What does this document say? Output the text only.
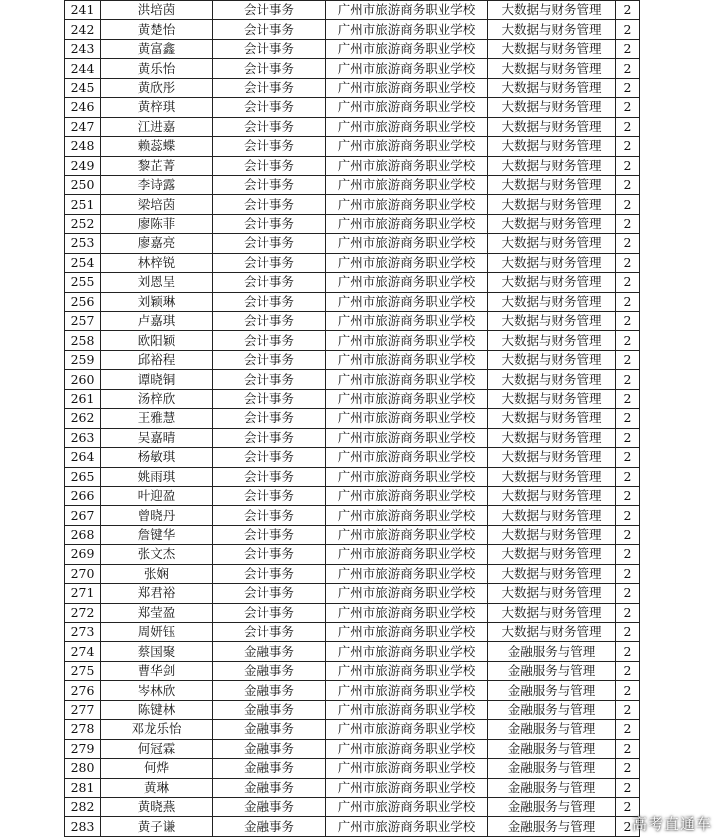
241	洪培茵	会计事务	广州市旅游商务职业学校	大数据与财务管理	2
242	黄楚怡	会计事务	广州市旅游商务职业学校	大数据与财务管理	2
243	黄富鑫	会计事务	广州市旅游商务职业学校	大数据与财务管理	2
244	黄乐怡	会计事务	广州市旅游商务职业学校	大数据与财务管理	2
245	黄欣彤	会计事务	广州市旅游商务职业学校	大数据与财务管理	2
246	黄梓琪	会计事务	广州市旅游商务职业学校	大数据与财务管理	2
247	江进嘉	会计事务	广州市旅游商务职业学校	大数据与财务管理	2
248	赖蕊蝶	会计事务	广州市旅游商务职业学校	大数据与财务管理	2
249	黎芷菁	会计事务	广州市旅游商务职业学校	大数据与财务管理	2
250	李诗露	会计事务	广州市旅游商务职业学校	大数据与财务管理	2
251	梁培茵	会计事务	广州市旅游商务职业学校	大数据与财务管理	2
252	廖陈菲	会计事务	广州市旅游商务职业学校	大数据与财务管理	2
253	廖嘉亮	会计事务	广州市旅游商务职业学校	大数据与财务管理	2
254	林梓锐	会计事务	广州市旅游商务职业学校	大数据与财务管理	2
255	刘恩呈	会计事务	广州市旅游商务职业学校	大数据与财务管理	2
256	刘颖琳	会计事务	广州市旅游商务职业学校	大数据与财务管理	2
257	卢嘉琪	会计事务	广州市旅游商务职业学校	大数据与财务管理	2
258	欧阳颖	会计事务	广州市旅游商务职业学校	大数据与财务管理	2
259	邱裕程	会计事务	广州市旅游商务职业学校	大数据与财务管理	2
260	谭晓铜	会计事务	广州市旅游商务职业学校	大数据与财务管理	2
261	汤梓欣	会计事务	广州市旅游商务职业学校	大数据与财务管理	2
262	王雅慧	会计事务	广州市旅游商务职业学校	大数据与财务管理	2
263	吴嘉晴	会计事务	广州市旅游商务职业学校	大数据与财务管理	2
264	杨敏琪	会计事务	广州市旅游商务职业学校	大数据与财务管理	2
265	姚雨琪	会计事务	广州市旅游商务职业学校	大数据与财务管理	2
266	叶迎盈	会计事务	广州市旅游商务职业学校	大数据与财务管理	2
267	曾晓丹	会计事务	广州市旅游商务职业学校	大数据与财务管理	2
268	詹键华	会计事务	广州市旅游商务职业学校	大数据与财务管理	2
269	张文杰	会计事务	广州市旅游商务职业学校	大数据与财务管理	2
270	张娴	会计事务	广州市旅游商务职业学校	大数据与财务管理	2
271	郑君裕	会计事务	广州市旅游商务职业学校	大数据与财务管理	2
272	郑莹盈	会计事务	广州市旅游商务职业学校	大数据与财务管理	2
273	周妍钰	会计事务	广州市旅游商务职业学校	大数据与财务管理	2
274	蔡国聚	金融事务	广州市旅游商务职业学校	金融服务与管理	2
275	曹华剑	金融事务	广州市旅游商务职业学校	金融服务与管理	2
276	岑林欣	金融事务	广州市旅游商务职业学校	金融服务与管理	2
277	陈键林	金融事务	广州市旅游商务职业学校	金融服务与管理	2
278	邓龙乐怡	金融事务	广州市旅游商务职业学校	金融服务与管理	2
279	何冠霖	金融事务	广州市旅游商务职业学校	金融服务与管理	2
280	何烨	金融事务	广州市旅游商务职业学校	金融服务与管理	2
281	黄琳	金融事务	广州市旅游商务职业学校	金融服务与管理	2
282	黄晓燕	金融事务	广州市旅游商务职业学校	金融服务与管理	2
283	黄子谦	金融事务	广州市旅游商务职业学校	金融服务与管理	2 高考直通车
